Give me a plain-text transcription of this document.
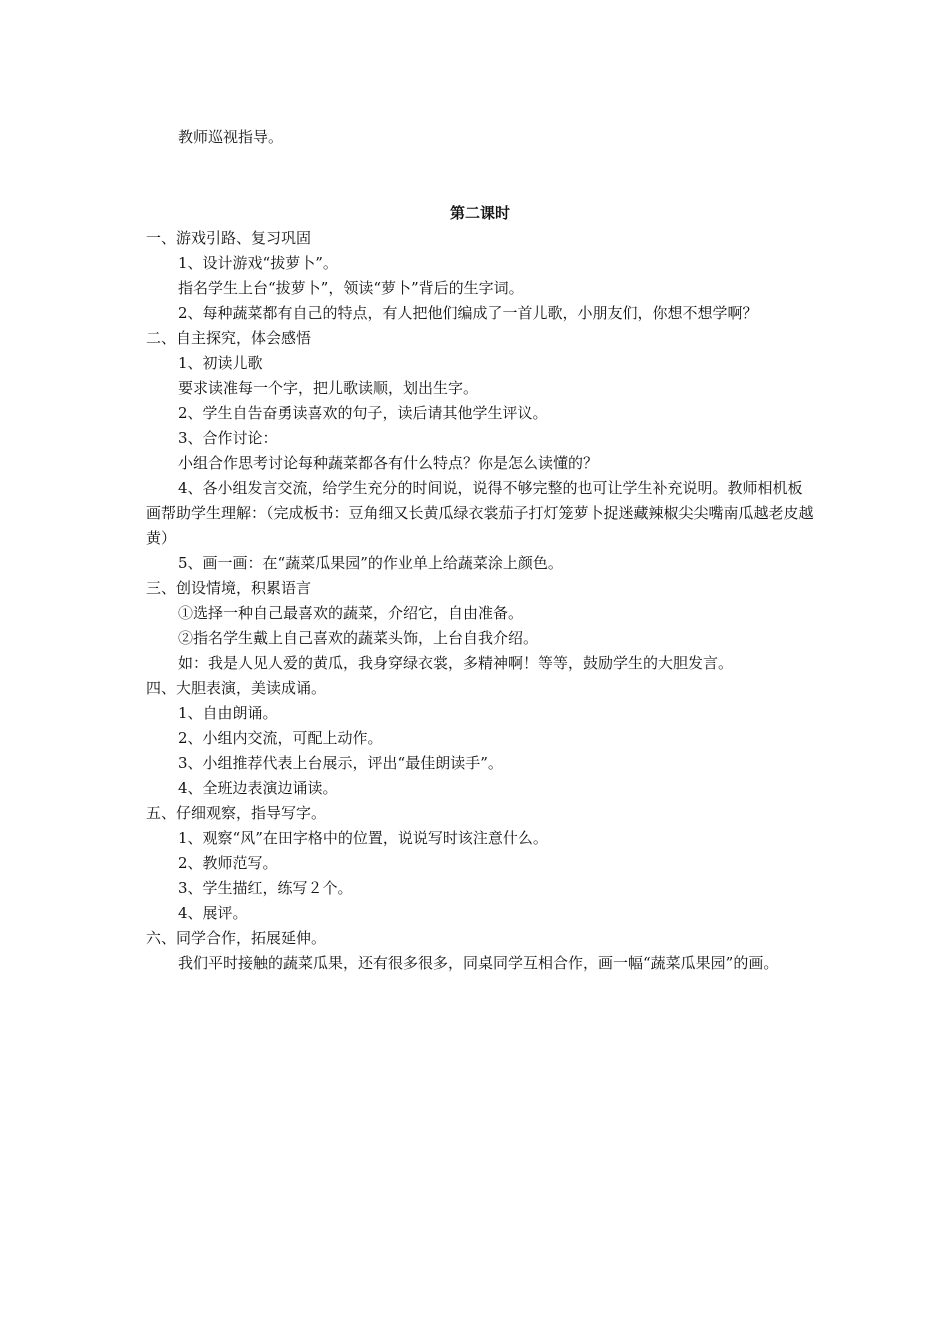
教师巡视指导。

第二课时

一、游戏引路、复习巩固

1、设计游戏“拔萝卜”。

指名学生上台“拔萝卜”，领读“萝卜”背后的生字词。

2、每种蔬菜都有自己的特点，有人把他们编成了一首儿歌，小朋友们，你想不想学啊？

二、自主探究，体会感悟

1、初读儿歌

要求读准每一个字，把儿歌读顺，划出生字。

2、学生自告奋勇读喜欢的句子，读后请其他学生评议。

3、合作讨论：

小组合作思考讨论每种蔬菜都各有什么特点？你是怎么读懂的？

4、各小组发言交流，给学生充分的时间说，说得不够完整的也可让学生补充说明。教师相机板画帮助学生理解：（完成板书：豆角细又长黄瓜绿衣裳茄子打灯笼萝卜捉迷藏辣椒尖尖嘴南瓜越老皮越黄）

5、画一画：在“蔬菜瓜果园”的作业单上给蔬菜涂上颜色。

三、创设情境，积累语言

①选择一种自己最喜欢的蔬菜，介绍它，自由准备。

②指名学生戴上自己喜欢的蔬菜头饰，上台自我介绍。

如：我是人见人爱的黄瓜，我身穿绿衣裳，多精神啊！等等，鼓励学生的大胆发言。

四、大胆表演，美读成诵。

1、自由朗诵。

2、小组内交流，可配上动作。

3、小组推荐代表上台展示，评出“最佳朗读手”。

4、全班边表演边诵读。

五、仔细观察，指导写字。

1、观察“风”在田字格中的位置，说说写时该注意什么。

2、教师范写。

3、学生描红，练写２个。

4、展评。

六、同学合作，拓展延伸。

我们平时接触的蔬菜瓜果，还有很多很多，同桌同学互相合作，画一幅“蔬菜瓜果园”的画。
